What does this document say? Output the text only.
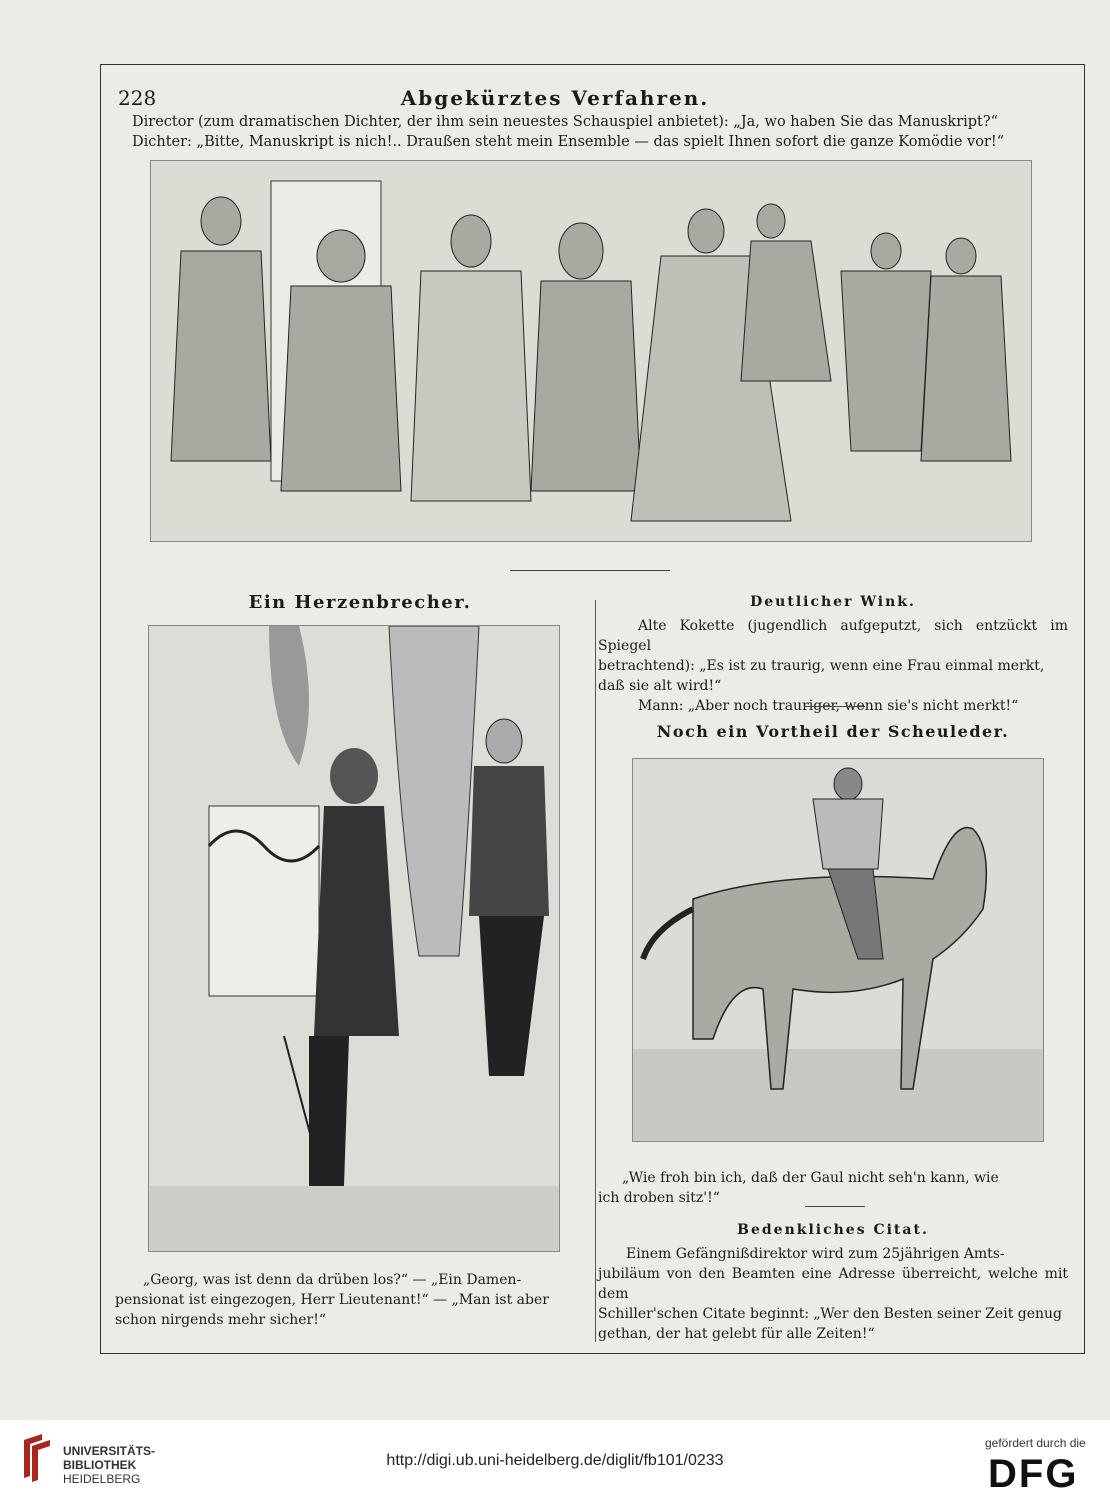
228	Abgekürztes Verfahren.
Director (zum dramatischen Dichter, der ihm sein neuestes Schauspiel anbietet): „Ja, wo haben Sie das Manuskript?“
Dichter: „Bitte, Manuskript is nich!.. Draußen steht mein Ensemble — das spielt Ihnen sofort die ganze Komödie vor!“
Ein Herzenbrecher.
„Georg, was ist denn da drüben los?“ — „Ein Damen-
pensionat ist eingezogen, Herr Lieutenant!“ — „Man ist aber
schon nirgends mehr sicher!“
Deutlicher Wink.
Alte Kokette (jugendlich aufgeputzt, sich entzückt im Spiegel
betrachtend): „Es ist zu traurig, wenn eine Frau einmal merkt,
daß sie alt wird!“
Mann: „Aber noch trauriger, wenn sie's nicht merkt!“
Noch ein Vortheil der Scheuleder.
„Wie froh bin ich, daß der Gaul nicht seh'n kann, wie
ich droben sitz'!“
Bedenkliches Citat.
Einem Gefängnißdirektor wird zum 25jährigen Amts-
jubiläum von den Beamten eine Adresse überreicht, welche mit dem
Schiller'schen Citate beginnt: „Wer den Besten seiner Zeit genug
gethan, der hat gelebt für alle Zeiten!“
UNIVERSITÄTS-
BIBLIOTHEK
HEIDELBERG
http://digi.ub.uni-heidelberg.de/diglit/fb101/0233
gefördert durch die
DFG
